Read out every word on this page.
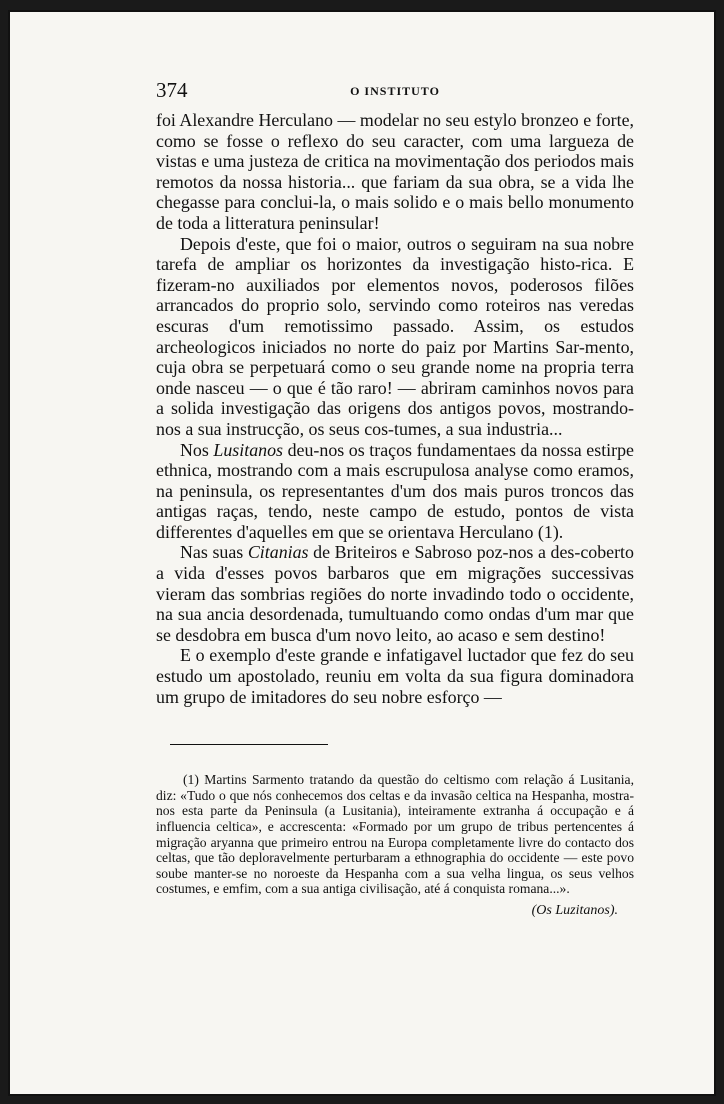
374	O INSTITUTO

foi Alexandre Herculano — modelar no seu estylo bronzeo e forte, como se fosse o reflexo do seu caracter, com uma largueza de vistas e uma justeza de critica na movimentação dos periodos mais remotos da nossa historia... que fariam da sua obra, se a vida lhe chegasse para conclui-la, o mais solido e o mais bello monumento de toda a litteratura peninsular!

Depois d'este, que foi o maior, outros o seguiram na sua nobre tarefa de ampliar os horizontes da investigação histo-rica. E fizeram-no auxiliados por elementos novos, poderosos filões arrancados do proprio solo, servindo como roteiros nas veredas escuras d'um remotissimo passado. Assim, os estudos archeologicos iniciados no norte do paiz por Martins Sar-mento, cuja obra se perpetuará como o seu grande nome na propria terra onde nasceu — o que é tão raro! — abriram caminhos novos para a solida investigação das origens dos antigos povos, mostrando-nos a sua instrucção, os seus cos-tumes, a sua industria...

Nos Lusitanos deu-nos os traços fundamentaes da nossa estirpe ethnica, mostrando com a mais escrupulosa analyse como eramos, na peninsula, os representantes d'um dos mais puros troncos das antigas raças, tendo, neste campo de estudo, pontos de vista differentes d'aquelles em que se orientava Herculano (1).

Nas suas Citanias de Briteiros e Sabroso poz-nos a des-coberto a vida d'esses povos barbaros que em migrações successivas vieram das sombrias regiões do norte invadindo todo o occidente, na sua ancia desordenada, tumultuando como ondas d'um mar que se desdobra em busca d'um novo leito, ao acaso e sem destino!

E o exemplo d'este grande e infatigavel luctador que fez do seu estudo um apostolado, reuniu em volta da sua figura dominadora um grupo de imitadores do seu nobre esforço —

(1) Martins Sarmento tratando da questão do celtismo com relação á Lusitania, diz: «Tudo o que nós conhecemos dos celtas e da invasão celtica na Hespanha, mostra-nos esta parte da Peninsula (a Lusitania), inteiramente extranha á occupação e á influencia celtica», e accrescenta: «Formado por um grupo de tribus pertencentes á migração aryanna que primeiro entrou na Europa completamente livre do contacto dos celtas, que tão deploravelmente perturbaram a ethnographia do occidente — este povo soube manter-se no noroeste da Hespanha com a sua velha lingua, os seus velhos costumes, e emfim, com a sua antiga civilisação, até á conquista romana...».

(Os Luzitanos).
